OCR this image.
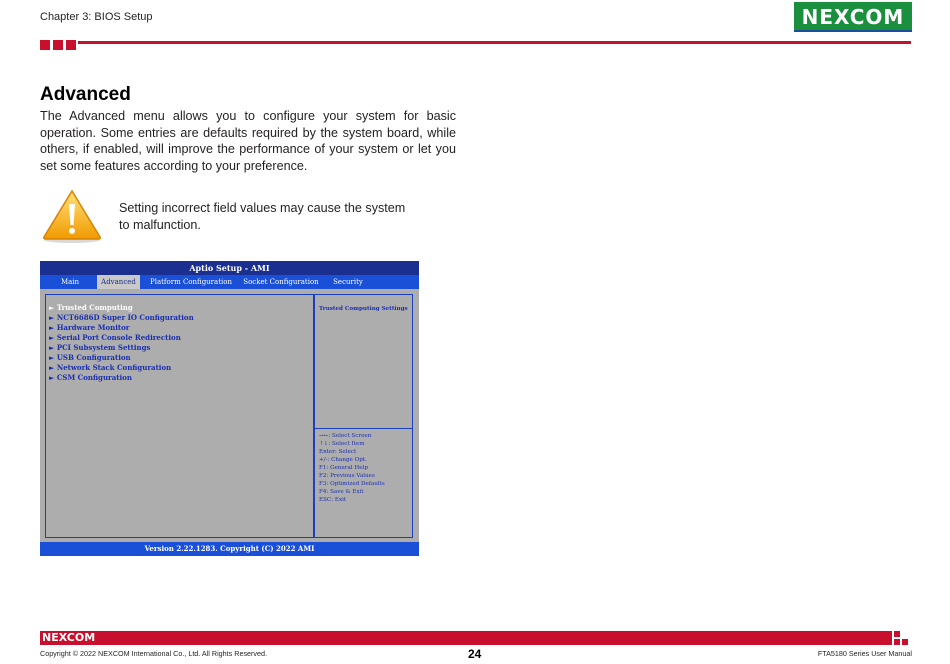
Chapter 3: BIOS Setup	NEXCOM
Advanced
The Advanced menu allows you to configure your system for basic operation. Some entries are defaults required by the system board, while others, if enabled, will improve the performance of your system or let you set some features according to your preference.
Setting incorrect field values may cause the system to malfunction.
Aptio Setup - AMI
Main	Advanced	Platform Configuration	Socket Configuration	Security
► Trusted Computing
► NCT6686D Super IO Configuration
► Hardware Monitor
► Serial Port Console Redirection
► PCI Subsystem Settings
► USB Configuration
► Network Stack Configuration
► CSM Configuration
Trusted Computing Settings
→←: Select Screen
↑↓: Select Item
Enter: Select
+/-: Change Opt.
F1: General Help
F2: Previous Values
F3: Optimized Defaults
F4: Save & Exit
ESC: Exit
Version 2.22.1283. Copyright (C) 2022 AMI
NEXCOM
Copyright © 2022 NEXCOM International Co., Ltd. All Rights Reserved.	24	FTA5180 Series User Manual
